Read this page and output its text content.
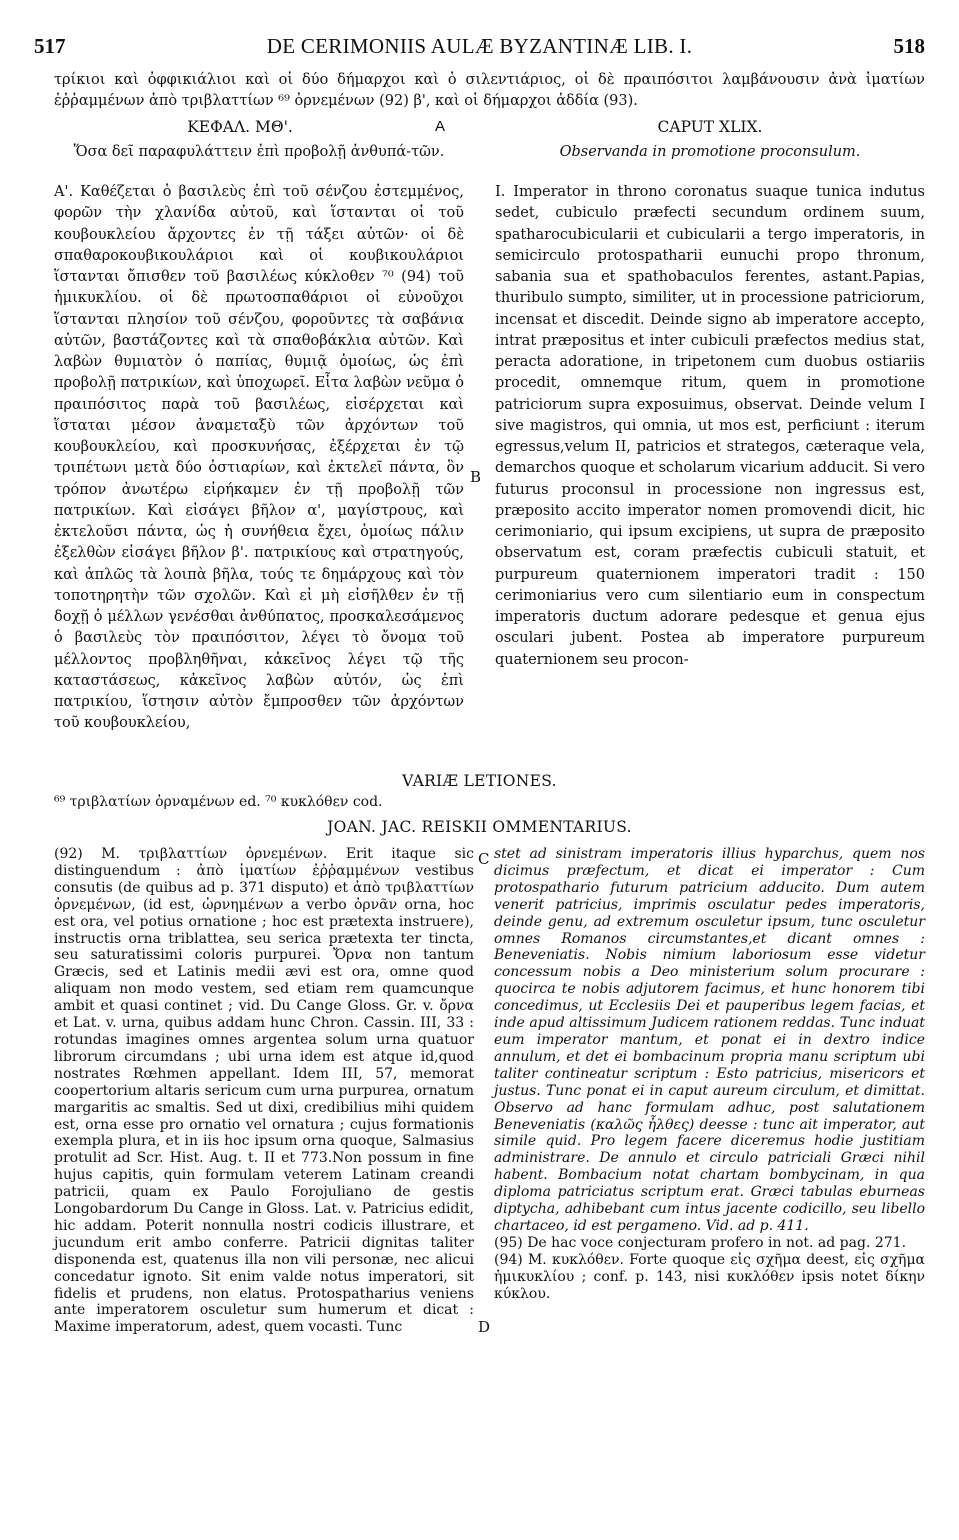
517	DE CERIMONIIS AULÆ BYZANTINÆ LIB. I.	518
τρίκιοι καὶ ὀφφικιάλιοι καὶ οἱ δύο δήμαρχοι καὶ ὁ σιλεντιάριος, οἱ δὲ πραιπόσιτοι λαμβάνουσιν ἀνὰ ἱματίων ἐῤῥαμμένων ἀπὸ τριβλαττίων ⁶⁹ ὀρνεμένων (92) β', καὶ οἱ δήμαρχοι ἀδδία (93).
ΚΕΦΑΛ. ΜΘ'.	A	CAPUT XLIX.
Ὅσα δεῖ παραφυλάττειν ἐπὶ προβολῇ ἀνθυπά-τῶν.	Observanda in promotione proconsulum.

Α'. Καθέζεται ὁ βασιλεὺς ἐπὶ τοῦ σένζου ἐστεμμένος, φορῶν τὴν χλανίδα αὐτοῦ, καὶ ἵστανται οἱ τοῦ κουβουκλείου ἄρχοντες ἐν τῇ τάξει αὐτῶν· οἱ δὲ σπαθαροκουβικουλάριοι καὶ οἱ κουβικουλάριοι ἵστανται ὄπισθεν τοῦ βασιλέως κύκλοθεν ⁷⁰ (94) τοῦ ἡμικυκλίου. οἱ δὲ πρωτοσπαθάριοι οἱ εὐνοῦχοι ἵστανται πλησίον τοῦ σένζου, φοροῦντες τὰ σαβάνια αὐτῶν, βαστάζοντες καὶ τὰ σπαθοβάκλια αὐτῶν. Καὶ λαβὼν θυμιατὸν ὁ παπίας, θυμιᾷ ὁμοίως, ὡς ἐπὶ προβολῇ πατρικίων, καὶ ὑποχωρεῖ. Εἶτα λαβὼν νεῦμα ὁ πραιπόσιτος παρὰ τοῦ βασιλέως, εἰσέρχεται καὶ ἵσταται μέσον ἀναμεταξὺ τῶν ἀρχόντων τοῦ κουβουκλείου, καὶ προσκυνήσας, ἐξέρχεται ἐν τῷ τριπέτωνι μετὰ δύο ὀστιαρίων, καὶ ἐκτελεῖ πάντα, ὃν τρόπον ἀνωτέρω εἰρήκαμεν ἐν τῇ προβολῇ τῶν πατρικίων. Καὶ εἰσάγει βῆλον α', μαγίστρους, καὶ ἐκτελοῦσι πάντα, ὡς ἡ συνήθεια ἔχει, ὁμοίως πάλιν ἐξελθὼν εἰσάγει βῆλον β'. πατρικίους καὶ στρατηγούς, καὶ ἁπλῶς τὰ λοιπὰ βῆλα, τούς τε δημάρχους καὶ τὸν τοποτηρητὴν τῶν σχολῶν. Καὶ εἰ μὴ εἰσῆλθεν ἐν τῇ δοχῇ ὁ μέλλων γενέσθαι ἀνθύπατος, προσκαλεσάμενος ὁ βασιλεὺς τὸν πραιπόσιτον, λέγει τὸ ὄνομα τοῦ μέλλοντος προβληθῆναι, κἀκεῖνος λέγει τῷ τῆς καταστάσεως, κἀκεῖνος λαβὼν αὐτόν, ὡς ἐπὶ πατρικίου, ἵστησιν αὐτὸν ἔμπροσθεν τῶν ἀρχόντων τοῦ κουβουκλείου,

B

I. Imperator in throno coronatus suaque tunica indutus sedet, cubiculo præfecti secundum ordinem suum, spatharocubicularii et cubicularii a tergo imperatoris, in semicirculo protospatharii eunuchi propo thronum, sabania sua et spathobaculos ferentes, astant.Papias, thuribulo sumpto, similiter, ut in processione patriciorum, incensat et discedit. Deinde signo ab imperatore accepto, intrat præpositus et inter cubiculi præfectos medius stat, peracta adoratione, in tripetonem cum duobus ostiariis procedit, omnemque ritum, quem in promotione patriciorum supra exposuimus, observat. Deinde velum I sive magistros, qui omnia, ut mos est, perficiunt : iterum egressus,velum II, patricios et strategos, cæteraque vela, demarchos quoque et scholarum vicarium adducit. Si vero futurus proconsul in processione non ingressus est, præposito accito imperator nomen promovendi dicit, hic cerimoniario, qui ipsum excipiens, ut supra de præposito observatum est, coram præfectis cubiculi statuit, et purpureum quaternionem imperatori tradit : 150 cerimoniarius vero cum silentiario eum in conspectum imperatoris ductum adorare pedesque et genua ejus osculari jubent. Postea ab imperatore purpureum quaternionem seu procon-

VARIÆ LETIONES.
⁶⁹ τριβλατίων ὀρναμένων ed. ⁷⁰ κυκλόθεν cod.
JOAN. JAC. REISKII OMMENTARIUS.

(92) M. τριβλαττίων ὀρνεμένων. Erit itaque sic distinguendum : ἀπὸ ἱματίων ἐῤῥαμμένων vestibus consutis (de quibus ad p. 371 disputo) et ἀπὸ τριβλαττίων ὀρνεμένων, (id est, ὠρνημένων a verbo ὀρνᾶν orna, hoc est ora, vel potius ornatione ; hoc est prætexta instruere), instructis orna triblattea, seu serica prætexta ter tincta, seu saturatissimi coloris purpurei. Ὄρνα non tantum Græcis, sed et Latinis medii ævi est ora, omne quod aliquam non modo vestem, sed etiam rem quamcunque ambit et quasi continet ; vid. Du Cange Gloss. Gr. v. ὄρνα et Lat. v. urna, quibus addam hunc Chron. Cassin. III, 33 : rotundas imagines omnes argentea solum urna quatuor librorum circumdans ; ubi urna idem est atque id,quod nostrates Rœhmen appellant. Idem III, 57, memorat coopertorium altaris sericum cum urna purpurea, ornatum margaritis ac smaltis. Sed ut dixi, credibilius mihi quidem est, orna esse pro ornatio vel ornatura ; cujus formationis exempla plura, et in iis hoc ipsum orna quoque, Salmasius protulit ad Scr. Hist. Aug. t. II et 773.Non possum in fine hujus capitis, quin formulam veterem Latinam creandi patricii, quam ex Paulo Forojuliano de gestis Longobardorum Du Cange in Gloss. Lat. v. Patricius edidit, hic addam. Poterit nonnulla nostri codicis illustrare, et jucundum erit ambo conferre. Patricii dignitas taliter disponenda est, quatenus illa non vili personæ, nec alicui concedatur ignoto. Sit enim valde notus imperatori, sit fidelis et prudens, non elatus. Protospatharius veniens ante imperatorem osculetur sum humerum et dicat : Maxime imperatorum, adest, quem vocasti. Tunc

C
D

stet ad sinistram imperatoris illius hyparchus, quem nos dicimus præfectum, et dicat ei imperator : Cum protospathario futurum patricium adducito. Dum autem venerit patricius, imprimis osculatur pedes imperatoris, deinde genu, ad extremum osculetur ipsum, tunc osculetur omnes Romanos circumstantes,et dicant omnes : Beneveniatis. Nobis nimium laboriosum esse videtur concessum nobis a Deo ministerium solum procurare : quocirca te nobis adjutorem facimus, et hunc honorem tibi concedimus, ut Ecclesiis Dei et pauperibus legem facias, et inde apud altissimum Judicem rationem reddas. Tunc induat eum imperator mantum, et ponat ei in dextro indice annulum, et det ei bombacinum propria manu scriptum ubi taliter contineatur scriptum : Esto patricius, misericors et justus. Tunc ponat ei in caput aureum circulum, et dimittat. Observo ad hanc formulam adhuc, post salutationem Beneveniatis (καλῶς ἦλθες) deesse : tunc ait imperator, aut simile quid. Pro legem facere diceremus hodie justitiam administrare. De annulo et circulo patriciali Græci nihil habent. Bombacium notat chartam bombycinam, in qua diploma patriciatus scriptum erat. Græci tabulas eburneas diptycha, adhibebant cum intus jacente codicillo, seu libello chartaceo, id est pergameno. Vid. ad p. 411.

(95) De hac voce conjecturam profero in not. ad pag. 271.

(94) M. κυκλόθεν. Forte quoque εἰς σχῆμα deest, εἰς σχῆμα ἡμικυκλίου ; conf. p. 143, nisi κυκλόθεν ipsis notet δίκην κύκλου.
